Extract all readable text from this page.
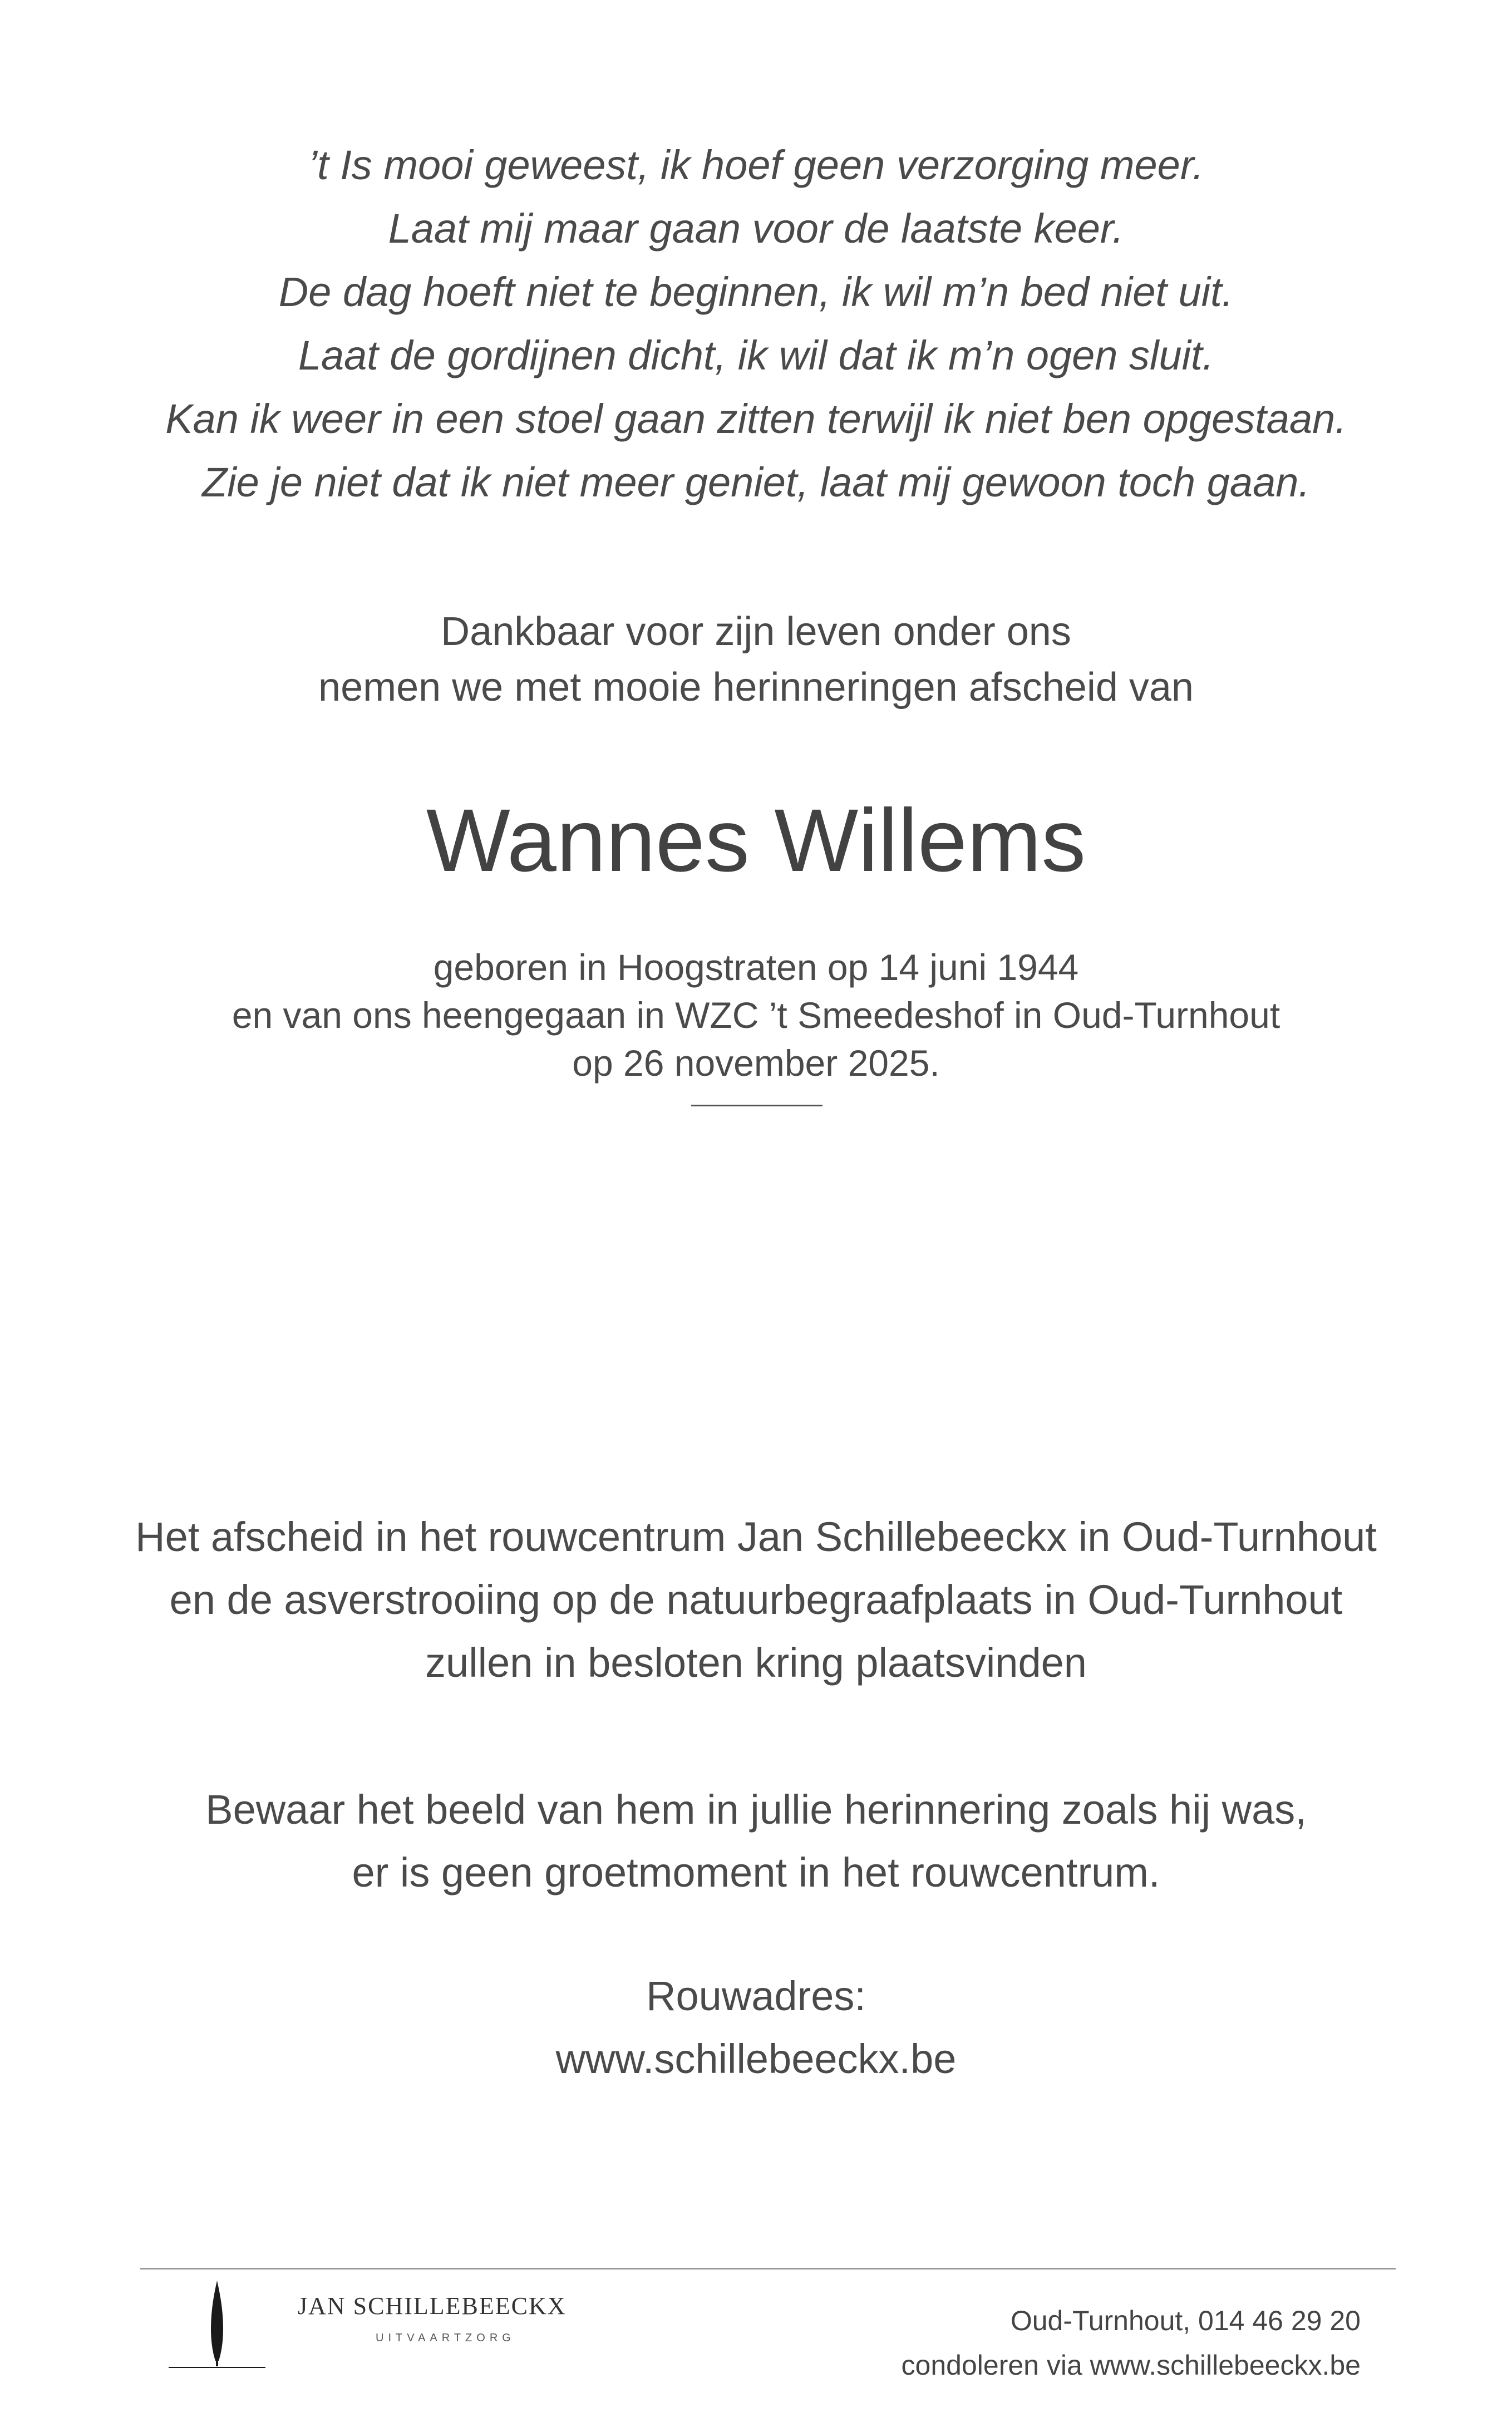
’t Is mooi geweest, ik hoef geen verzorging meer.
Laat mij maar gaan voor de laatste keer.
De dag hoeft niet te beginnen, ik wil m’n bed niet uit.
Laat de gordijnen dicht, ik wil dat ik m’n ogen sluit.
Kan ik weer in een stoel gaan zitten terwijl ik niet ben opgestaan.
Zie je niet dat ik niet meer geniet, laat mij gewoon toch gaan.
Dankbaar voor zijn leven onder ons
nemen we met mooie herinneringen afscheid van
Wannes Willems
geboren in Hoogstraten op 14 juni 1944
en van ons heengegaan in WZC ’t Smeedeshof in Oud-Turnhout
op 26 november 2025.
Het afscheid in het rouwcentrum Jan Schillebeeckx in Oud-Turnhout
en de asverstrooiing op de natuurbegraafplaats in Oud-Turnhout
zullen in besloten kring plaatsvinden
Bewaar het beeld van hem in jullie herinnering zoals hij was,
er is geen groetmoment in het rouwcentrum.
Rouwadres:
www.schillebeeckx.be
JAN SCHILLEBEECKX
UITVAARTZORG
Oud-Turnhout, 014 46 29 20
condoleren via www.schillebeeckx.be
